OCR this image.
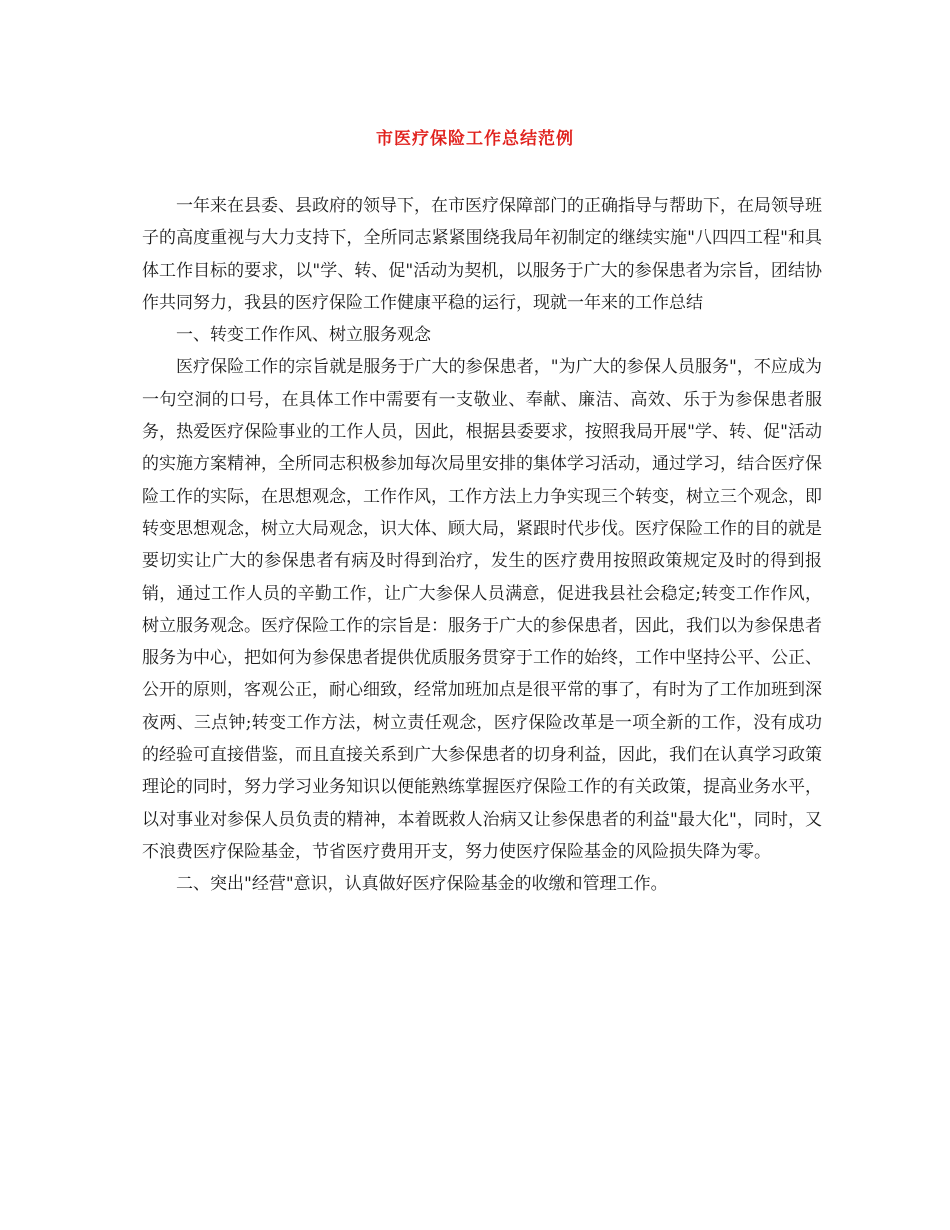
市医疗保险工作总结范例

一年来在县委、县政府的领导下，在市医疗保障部门的正确指导与帮助下，在局领导班子的高度重视与大力支持下，全所同志紧紧围绕我局年初制定的继续实施"八四四工程"和具体工作目标的要求，以"学、转、促"活动为契机，以服务于广大的参保患者为宗旨，团结协作共同努力，我县的医疗保险工作健康平稳的运行，现就一年来的工作总结

一、转变工作作风、树立服务观念

医疗保险工作的宗旨就是服务于广大的参保患者，"为广大的参保人员服务"，不应成为一句空洞的口号，在具体工作中需要有一支敬业、奉献、廉洁、高效、乐于为参保患者服务，热爱医疗保险事业的工作人员，因此，根据县委要求，按照我局开展"学、转、促"活动的实施方案精神，全所同志积极参加每次局里安排的集体学习活动，通过学习，结合医疗保险工作的实际，在思想观念，工作作风，工作方法上力争实现三个转变，树立三个观念，即转变思想观念，树立大局观念，识大体、顾大局，紧跟时代步伐。医疗保险工作的目的就是要切实让广大的参保患者有病及时得到治疗，发生的医疗费用按照政策规定及时的得到报销，通过工作人员的辛勤工作，让广大参保人员满意，促进我县社会稳定;转变工作作风，树立服务观念。医疗保险工作的宗旨是：服务于广大的参保患者，因此，我们以为参保患者服务为中心，把如何为参保患者提供优质服务贯穿于工作的始终，工作中坚持公平、公正、公开的原则，客观公正，耐心细致，经常加班加点是很平常的事了，有时为了工作加班到深夜两、三点钟;转变工作方法，树立责任观念，医疗保险改革是一项全新的工作，没有成功的经验可直接借鉴，而且直接关系到广大参保患者的切身利益，因此，我们在认真学习政策理论的同时，努力学习业务知识以便能熟练掌握医疗保险工作的有关政策，提高业务水平，以对事业对参保人员负责的精神，本着既救人治病又让参保患者的利益"最大化"，同时，又不浪费医疗保险基金，节省医疗费用开支，努力使医疗保险基金的风险损失降为零。

二、突出"经营"意识，认真做好医疗保险基金的收缴和管理工作。
